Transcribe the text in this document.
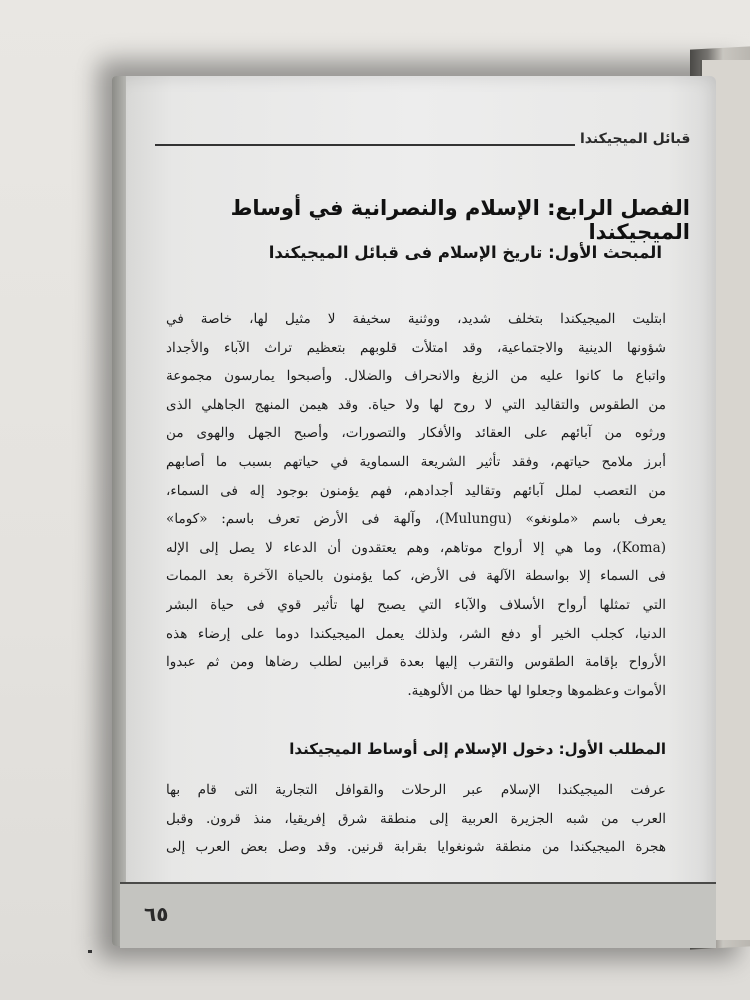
قبائل الميجيكندا
الفصل الرابع: الإسلام والنصرانية في أوساط الميجيكندا
المبحث الأول: تاريخ الإسلام فى قبائل الميجيكندا
ابتليت الميجيكندا بتخلف شديد، ووثنية سخيفة لا مثيل لها، خاصة في
شؤونها الدينية والاجتماعية، وقد امتلأت قلوبهم بتعظيم تراث الآباء والأجداد
واتباع ما كانوا عليه من الزيغ والانحراف والضلال. وأصبحوا يمارسون مجموعة
من الطقوس والتقاليد التي لا روح لها ولا حياة. وقد هيمن المنهج الجاهلي الذى
ورثوه من آبائهم على العقائد والأفكار والتصورات، وأصبح الجهل والهوى من
أبرز ملامح حياتهم، وفقد تأثير الشريعة السماوية في حياتهم بسبب ما أصابهم
من التعصب لملل آبائهم وتقاليد أجدادهم، فهم يؤمنون بوجود إله فى السماء،
يعرف باسم «ملونغو» (Mulungu)، وآلهة فى الأرض تعرف باسم: «كوما»
(Koma)، وما هي إلا أرواح موتاهم، وهم يعتقدون أن الدعاء لا يصل إلى الإله
فى السماء إلا بواسطة الآلهة فى الأرض، كما يؤمنون بالحياة الآخرة بعد الممات
التي تمثلها أرواح الأسلاف والآباء التي يصبح لها تأثير قوي فى حياة البشر
الدنيا، كجلب الخير أو دفع الشر، ولذلك يعمل الميجيكندا دوما على إرضاء هذه
الأرواح بإقامة الطقوس والتقرب إليها بعدة قرابين لطلب رضاها ومن ثم عبدوا
الأموات وعظموها وجعلوا لها حظا من الألوهية.
المطلب الأول: دخول الإسلام إلى أوساط الميجيكندا
عرفت الميجيكندا الإسلام عبر الرحلات والقوافل التجارية التى قام بها
العرب من شبه الجزيرة العربية إلى منطقة شرق إفريقيا، منذ قرون. وقبل
هجرة الميجيكندا من منطقة شونغوايا بقرابة قرنين. وقد وصل بعض العرب إلى
٦٥
